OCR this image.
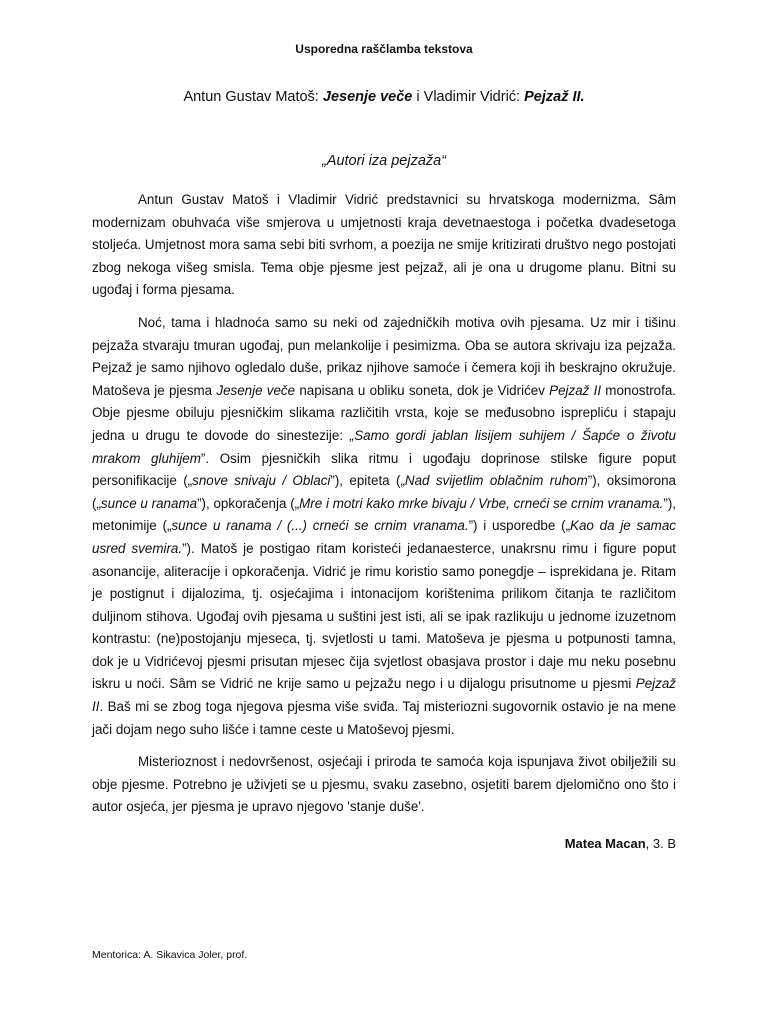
Usporedna raščlamba tekstova
Antun Gustav Matoš: Jesenje veče i Vladimir Vidrić: Pejzaž II.
„Autori iza pejzaža“

Antun Gustav Matoš i Vladimir Vidrić predstavnici su hrvatskoga modernizma. Sâm modernizam obuhvaća više smjerova u umjetnosti kraja devetnaestoga i početka dvadesetoga stoljeća. Umjetnost mora sama sebi biti svrhom, a poezija ne smije kritizirati društvo nego postojati zbog nekoga višeg smisla. Tema obje pjesme jest pejzaž, ali je ona u drugome planu. Bitni su ugođaj i forma pjesama.

Noć, tama i hladnoća samo su neki od zajedničkih motiva ovih pjesama. Uz mir i tišinu pejzaža stvaraju tmuran ugođaj, pun melankolije i pesimizma. Oba se autora skrivaju iza pejzaža. Pejzaž je samo njihovo ogledalo duše, prikaz njihove samoće i čemera koji ih beskrajno okružuje. Matoševa je pjesma Jesenje veče napisana u obliku soneta, dok je Vidrićev Pejzaž II monostrofa. Obje pjesme obiluju pjesničkim slikama različitih vrsta, koje se međusobno isprepliću i stapaju jedna u drugu te dovode do sinestezije: „Samo gordi jablan lisijem suhijem / Šapće o životu mrakom gluhijem”. Osim pjesničkih slika ritmu i ugođaju doprinose stilske figure poput personifikacije („snove snivaju / Oblaci”), epiteta („Nad svijetlim oblačnim ruhom”), oksimorona („sunce u ranama”), opkoračenja („Mre i motri kako mrke bivaju / Vrbe, crneći se crnim vranama.”), metonimije („sunce u ranama / (...) crneći se crnim vranama.”) i usporedbe („Kao da je samac usred svemira.”). Matoš je postigao ritam koristeći jedanaesterce, unakrsnu rimu i figure poput asonancije, aliteracije i opkoračenja. Vidrić je rimu koristio samo ponegdje – isprekidana je. Ritam je postignut i dijalozima, tj. osjećajima i intonacijom korištenima prilikom čitanja te različitom duljinom stihova. Ugođaj ovih pjesama u suštini jest isti, ali se ipak razlikuju u jednome izuzetnom kontrastu: (ne)postojanju mjeseca, tj. svjetlosti u tami. Matoševa je pjesma u potpunosti tamna, dok je u Vidrićevoj pjesmi prisutan mjesec čija svjetlost obasjava prostor i daje mu neku posebnu iskru u noći. Sâm se Vidrić ne krije samo u pejzažu nego i u dijalogu prisutnome u pjesmi Pejzaž II. Baš mi se zbog toga njegova pjesma više sviđa. Taj misteriozni sugovornik ostavio je na mene jači dojam nego suho lišće i tamne ceste u Matoševoj pjesmi.

Misterioznost i nedovršenost, osjećaji i priroda te samoća koja ispunjava život obilježili su obje pjesme. Potrebno je uživjeti se u pjesmu, svaku zasebno, osjetiti barem djelomično ono što i autor osjeća, jer pjesma je upravo njegovo 'stanje duše'.

Matea Macan, 3. B
Mentorica: A. Sikavica Joler, prof.
